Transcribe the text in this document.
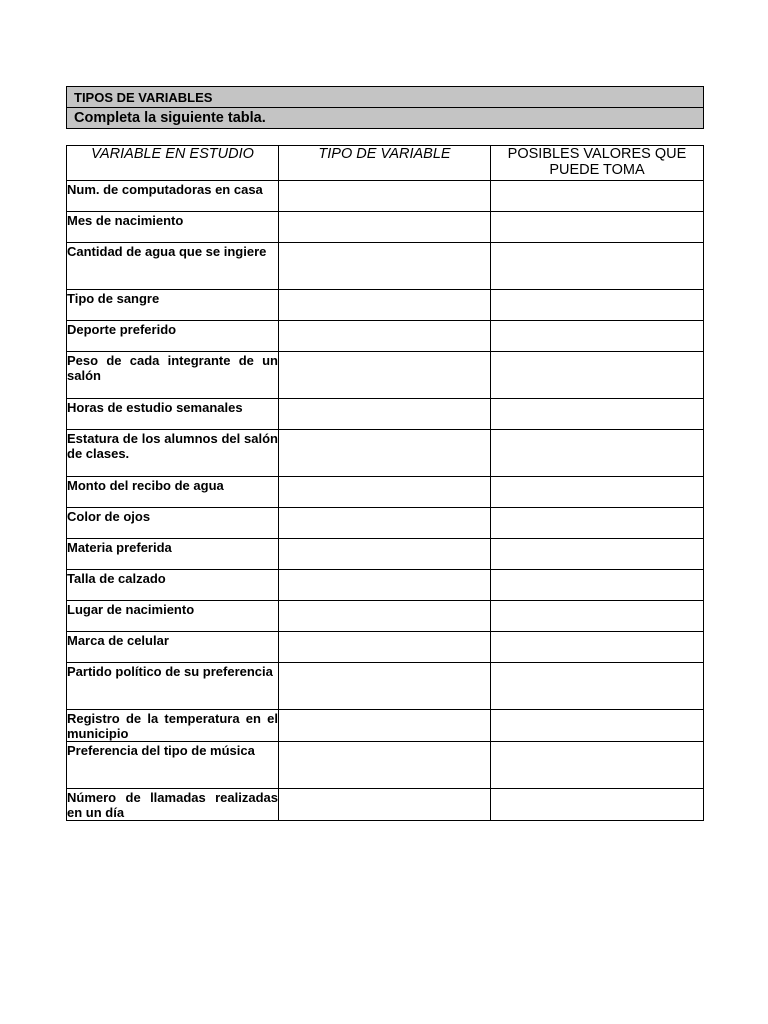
TIPOS DE VARIABLES
Completa la siguiente tabla.
VARIABLE EN ESTUDIO	TIPO DE VARIABLE	POSIBLES VALORES QUE PUEDE TOMA

Num. de computadoras en casa		

Mes de nacimiento		

Cantidad de agua que se ingiere		

Tipo de sangre		

Deporte preferido		

Peso de cada integrante de un salón		

Horas de estudio semanales		

Estatura de los alumnos del salón de clases.		

Monto del recibo de agua		

Color de ojos		

Materia preferida		

Talla de calzado		

Lugar de nacimiento		

Marca de celular		

Partido político de su preferencia		

Registro de la temperatura en el municipio		

Preferencia del tipo de música		

Número de llamadas realizadas en un día		
